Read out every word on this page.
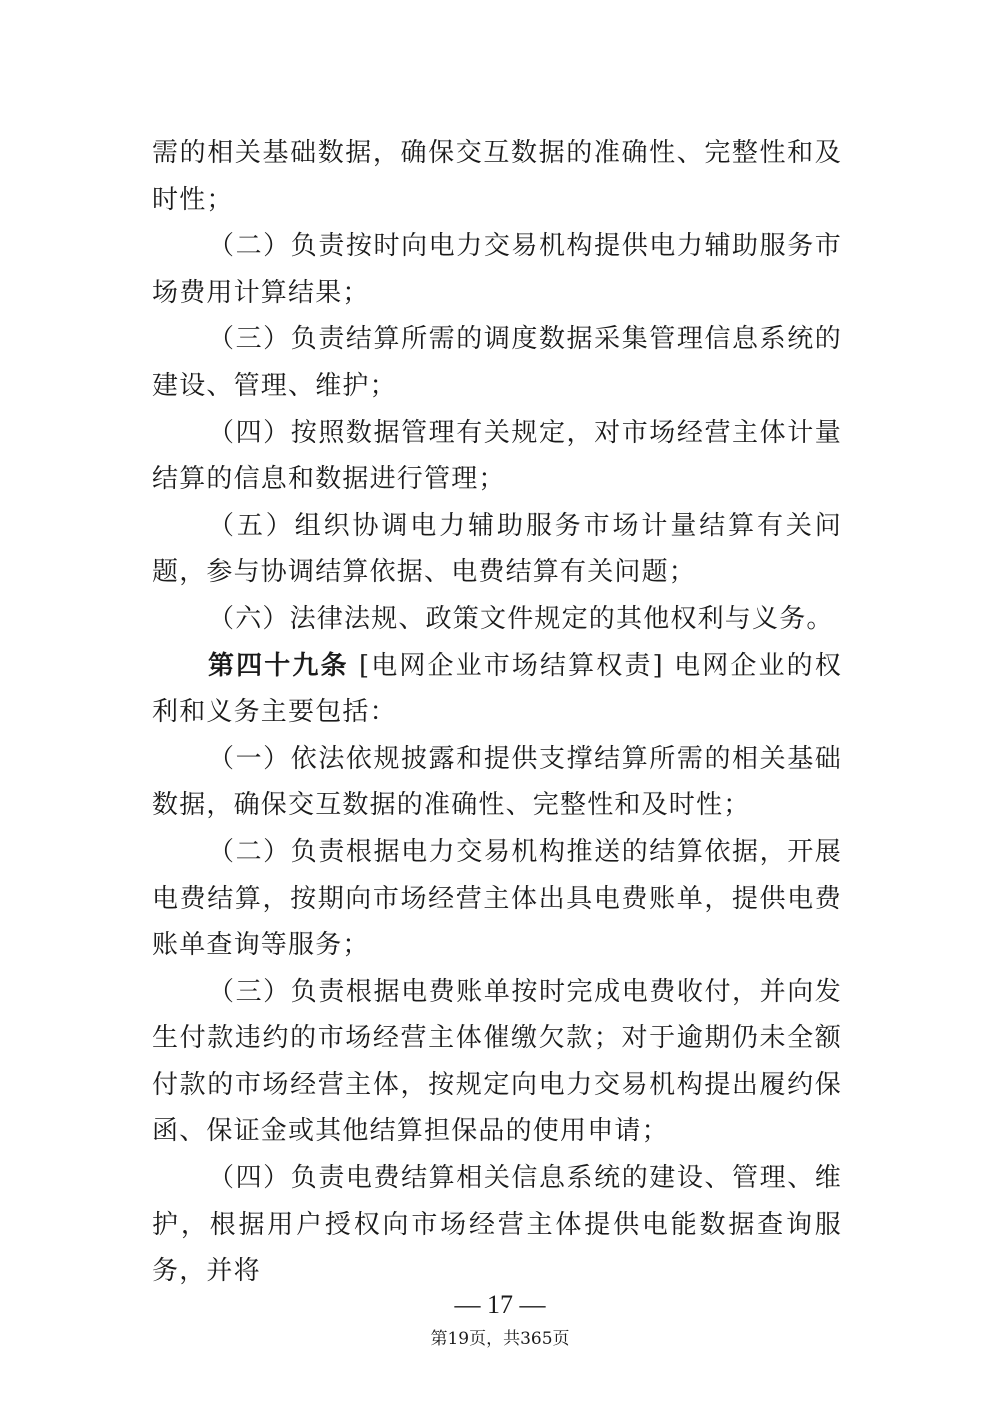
需的相关基础数据，确保交互数据的准确性、完整性和及时性；

（二）负责按时向电力交易机构提供电力辅助服务市场费用计算结果；

（三）负责结算所需的调度数据采集管理信息系统的建设、管理、维护；

（四）按照数据管理有关规定，对市场经营主体计量结算的信息和数据进行管理；

（五）组织协调电力辅助服务市场计量结算有关问题，参与协调结算依据、电费结算有关问题；

（六）法律法规、政策文件规定的其他权利与义务。

第四十九条 [电网企业市场结算权责] 电网企业的权利和义务主要包括：

（一）依法依规披露和提供支撑结算所需的相关基础数据，确保交互数据的准确性、完整性和及时性；

（二）负责根据电力交易机构推送的结算依据，开展电费结算，按期向市场经营主体出具电费账单，提供电费账单查询等服务；

（三）负责根据电费账单按时完成电费收付，并向发生付款违约的市场经营主体催缴欠款；对于逾期仍未全额付款的市场经营主体，按规定向电力交易机构提出履约保函、保证金或其他结算担保品的使用申请；

（四）负责电费结算相关信息系统的建设、管理、维护，根据用户授权向市场经营主体提供电能数据查询服务，并将

— 17 —
第19页，共365页
